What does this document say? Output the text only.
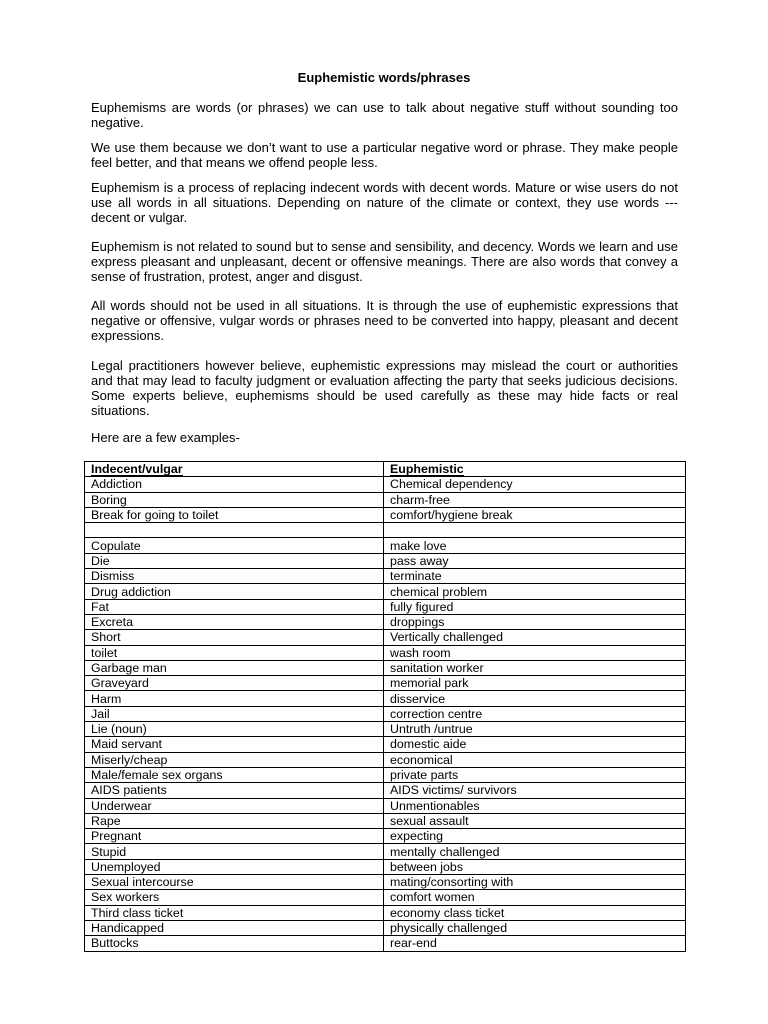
Euphemistic words/phrases

Euphemisms are words (or phrases) we can use to talk about negative stuff without sounding too negative.

We use them because we don’t want to use a particular negative word or phrase. They make people feel better, and that means we offend people less.

Euphemism is a process of replacing indecent words with decent words. Mature or wise users do not use all words in all situations. Depending on nature of the climate or context, they use words --- decent or vulgar.

Euphemism is not related to sound but to sense and sensibility, and decency. Words we learn and use express pleasant and unpleasant, decent or offensive meanings. There are also words that convey a sense of frustration, protest, anger and disgust.

All words should not be used in all situations. It is through the use of euphemistic expressions that negative or offensive, vulgar words or phrases need to be converted into happy, pleasant and decent expressions.

Legal practitioners however believe, euphemistic expressions may mislead the court or authorities and that may lead to faculty judgment or evaluation affecting the party that seeks judicious decisions. Some experts believe, euphemisms should be used carefully as these may hide facts or real situations.

Here are a few examples-

Indecent/vulgar	Euphemistic
Addiction	Chemical dependency
Boring	charm-free
Break for going to toilet	comfort/hygiene break

Copulate	make love
Die	pass away
Dismiss	terminate
Drug addiction	chemical problem
Fat	fully figured
Excreta	droppings
Short	Vertically challenged
toilet	wash room
Garbage man	sanitation worker
Graveyard	memorial park
Harm	disservice
Jail	correction centre
Lie (noun)	Untruth /untrue
Maid servant	domestic aide
Miserly/cheap	economical
Male/female sex organs	private parts
AIDS patients	AIDS victims/ survivors
Underwear	Unmentionables
Rape	sexual assault
Pregnant	expecting
Stupid	mentally challenged
Unemployed	between jobs
Sexual intercourse	mating/consorting with
Sex workers	comfort women
Third class ticket	economy class ticket
Handicapped	physically challenged
Buttocks	rear-end
